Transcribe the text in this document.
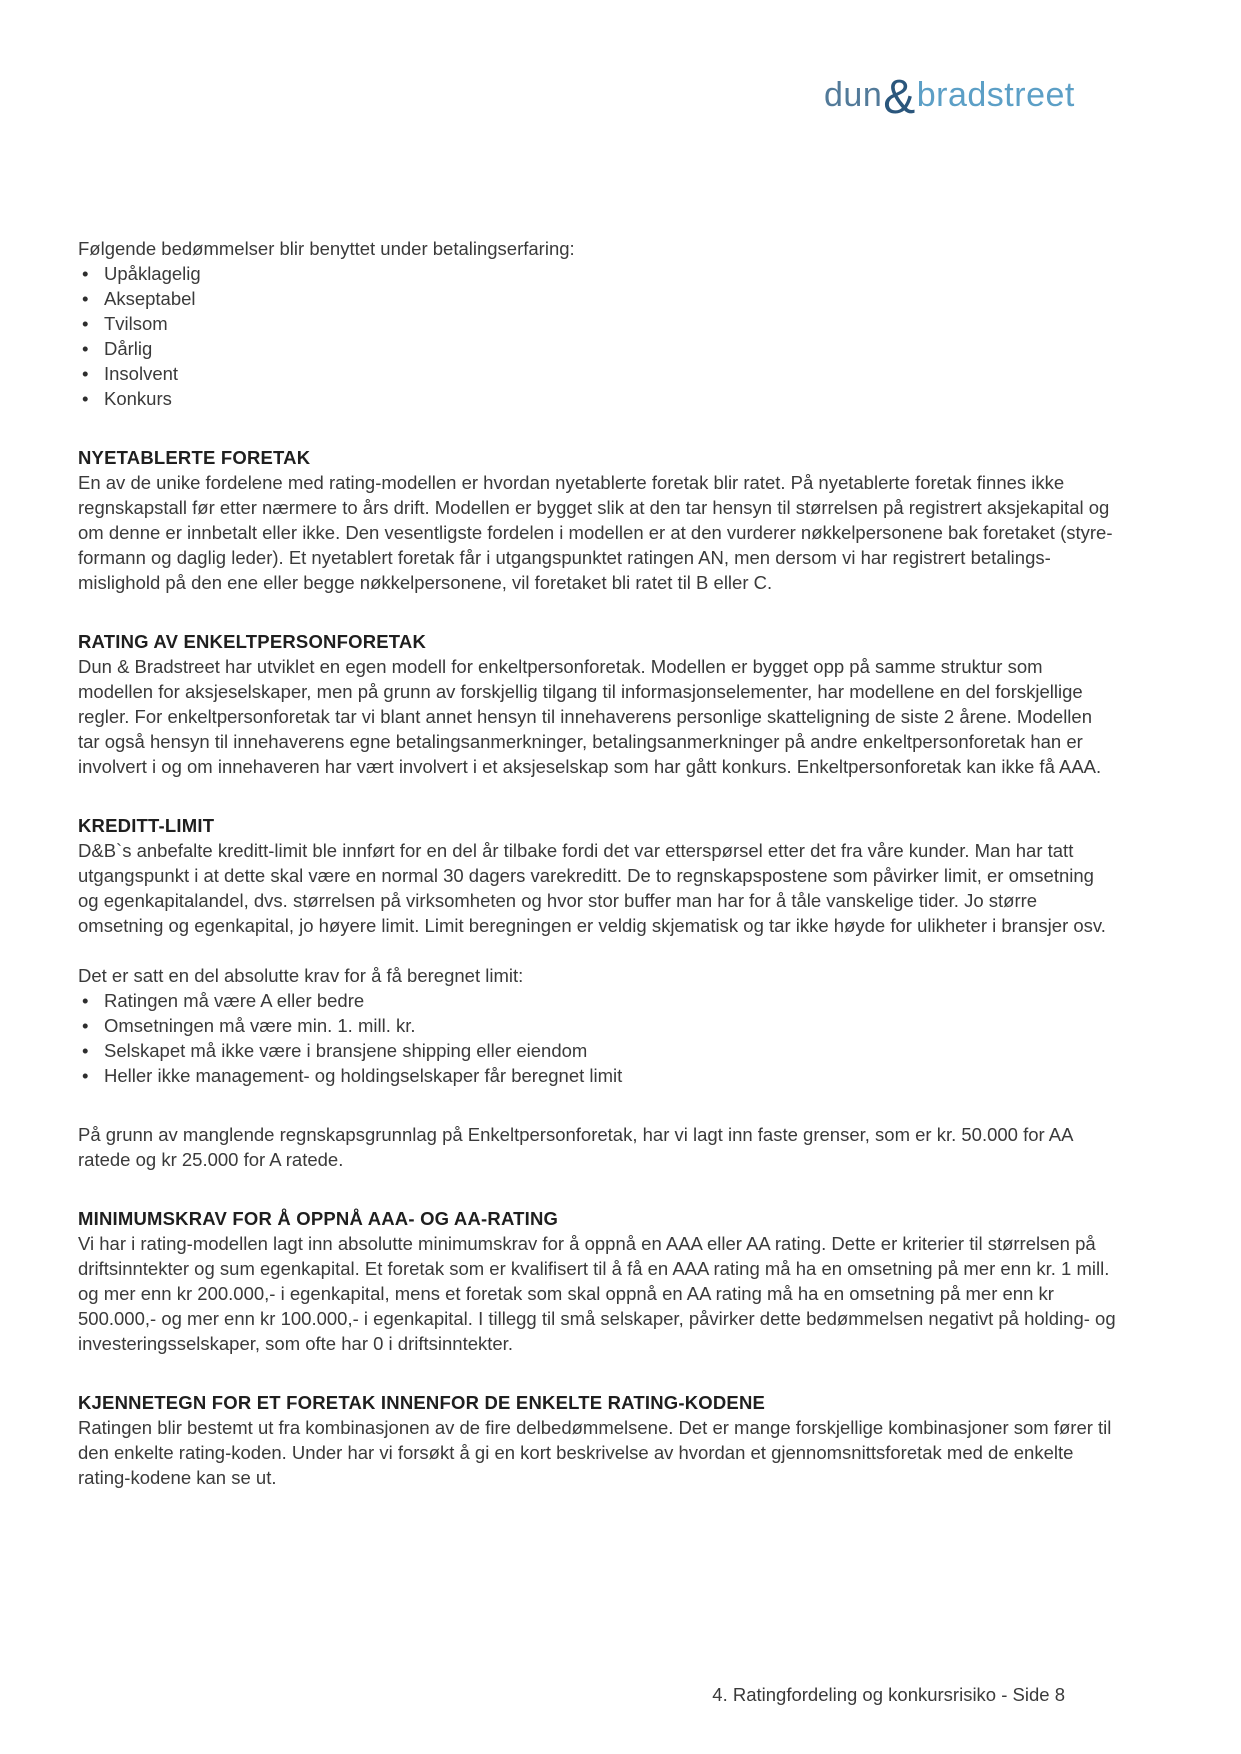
dun&bradstreet

Følgende bedømmelser blir benyttet under betalingserfaring:

• Upåklagelig
• Akseptabel
• Tvilsom
• Dårlig
• Insolvent
• Konkurs
NYETABLERTE FORETAK

En av de unike fordelene med rating-modellen er hvordan nyetablerte foretak blir ratet. På nyetablerte foretak finnes ikke regnskapstall før etter nærmere to års drift. Modellen er bygget slik at den tar hensyn til størrelsen på registrert aksjekapital og om denne er innbetalt eller ikke. Den vesentligste fordelen i modellen er at den vurderer nøkkelpersonene bak foretaket (styre- formann og daglig leder). Et nyetablert foretak får i utgangspunktet ratingen AN, men dersom vi har registrert betalings- mislighold på den ene eller begge nøkkelpersonene, vil foretaket bli ratet til B eller C.

RATING AV ENKELTPERSONFORETAK

Dun & Bradstreet har utviklet en egen modell for enkeltpersonforetak. Modellen er bygget opp på samme struktur som modellen for aksjeselskaper, men på grunn av forskjellig tilgang til informasjonselementer, har modellene en del forskjellige regler. For enkeltpersonforetak tar vi blant annet hensyn til innehaverens personlige skatteligning de siste 2 årene. Modellen tar også hensyn til innehaverens egne betalingsanmerkninger, betalingsanmerkninger på andre enkeltpersonforetak han er involvert i og om innehaveren har vært involvert i et aksjeselskap som har gått konkurs. Enkeltpersonforetak kan ikke få AAA.

KREDITT-LIMIT

D&B`s anbefalte kreditt-limit ble innført for en del år tilbake fordi det var etterspørsel etter det fra våre kunder. Man har tatt utgangspunkt i at dette skal være en normal 30 dagers varekreditt. De to regnskapspostene som påvirker limit, er omsetning og egenkapitalandel, dvs. størrelsen på virksomheten og hvor stor buffer man har for å tåle vanskelige tider. Jo større omsetning og egenkapital, jo høyere limit. Limit beregningen er veldig skjematisk og tar ikke høyde for ulikheter i bransjer osv.

Det er satt en del absolutte krav for å få beregnet limit:

• Ratingen må være A eller bedre
• Omsetningen må være min. 1. mill. kr.
• Selskapet må ikke være i bransjene shipping eller eiendom
• Heller ikke management- og holdingselskaper får beregnet limit

På grunn av manglende regnskapsgrunnlag på Enkeltpersonforetak, har vi lagt inn faste grenser, som er kr. 50.000 for AA ratede og kr 25.000 for A ratede.

MINIMUMSKRAV FOR Å OPPNÅ AAA- OG AA-RATING

Vi har i rating-modellen lagt inn absolutte minimumskrav for å oppnå en AAA eller AA rating. Dette er kriterier til størrelsen på driftsinntekter og sum egenkapital. Et foretak som er kvalifisert til å få en AAA rating må ha en omsetning på mer enn kr. 1 mill. og mer enn kr 200.000,- i egenkapital, mens et foretak som skal oppnå en AA rating må ha en omsetning på mer enn kr 500.000,- og mer enn kr 100.000,- i egenkapital. I tillegg til små selskaper, påvirker dette bedømmelsen negativt på holding- og investeringsselskaper, som ofte har 0 i driftsinntekter.

KJENNETEGN FOR ET FORETAK INNENFOR DE ENKELTE RATING-KODENE

Ratingen blir bestemt ut fra kombinasjonen av de fire delbedømmelsene. Det er mange forskjellige kombinasjoner som fører til den enkelte rating-koden. Under har vi forsøkt å gi en kort beskrivelse av hvordan et gjennomsnittsforetak med de enkelte rating-kodene kan se ut.

4. Ratingfordeling og konkursrisiko - Side 8
